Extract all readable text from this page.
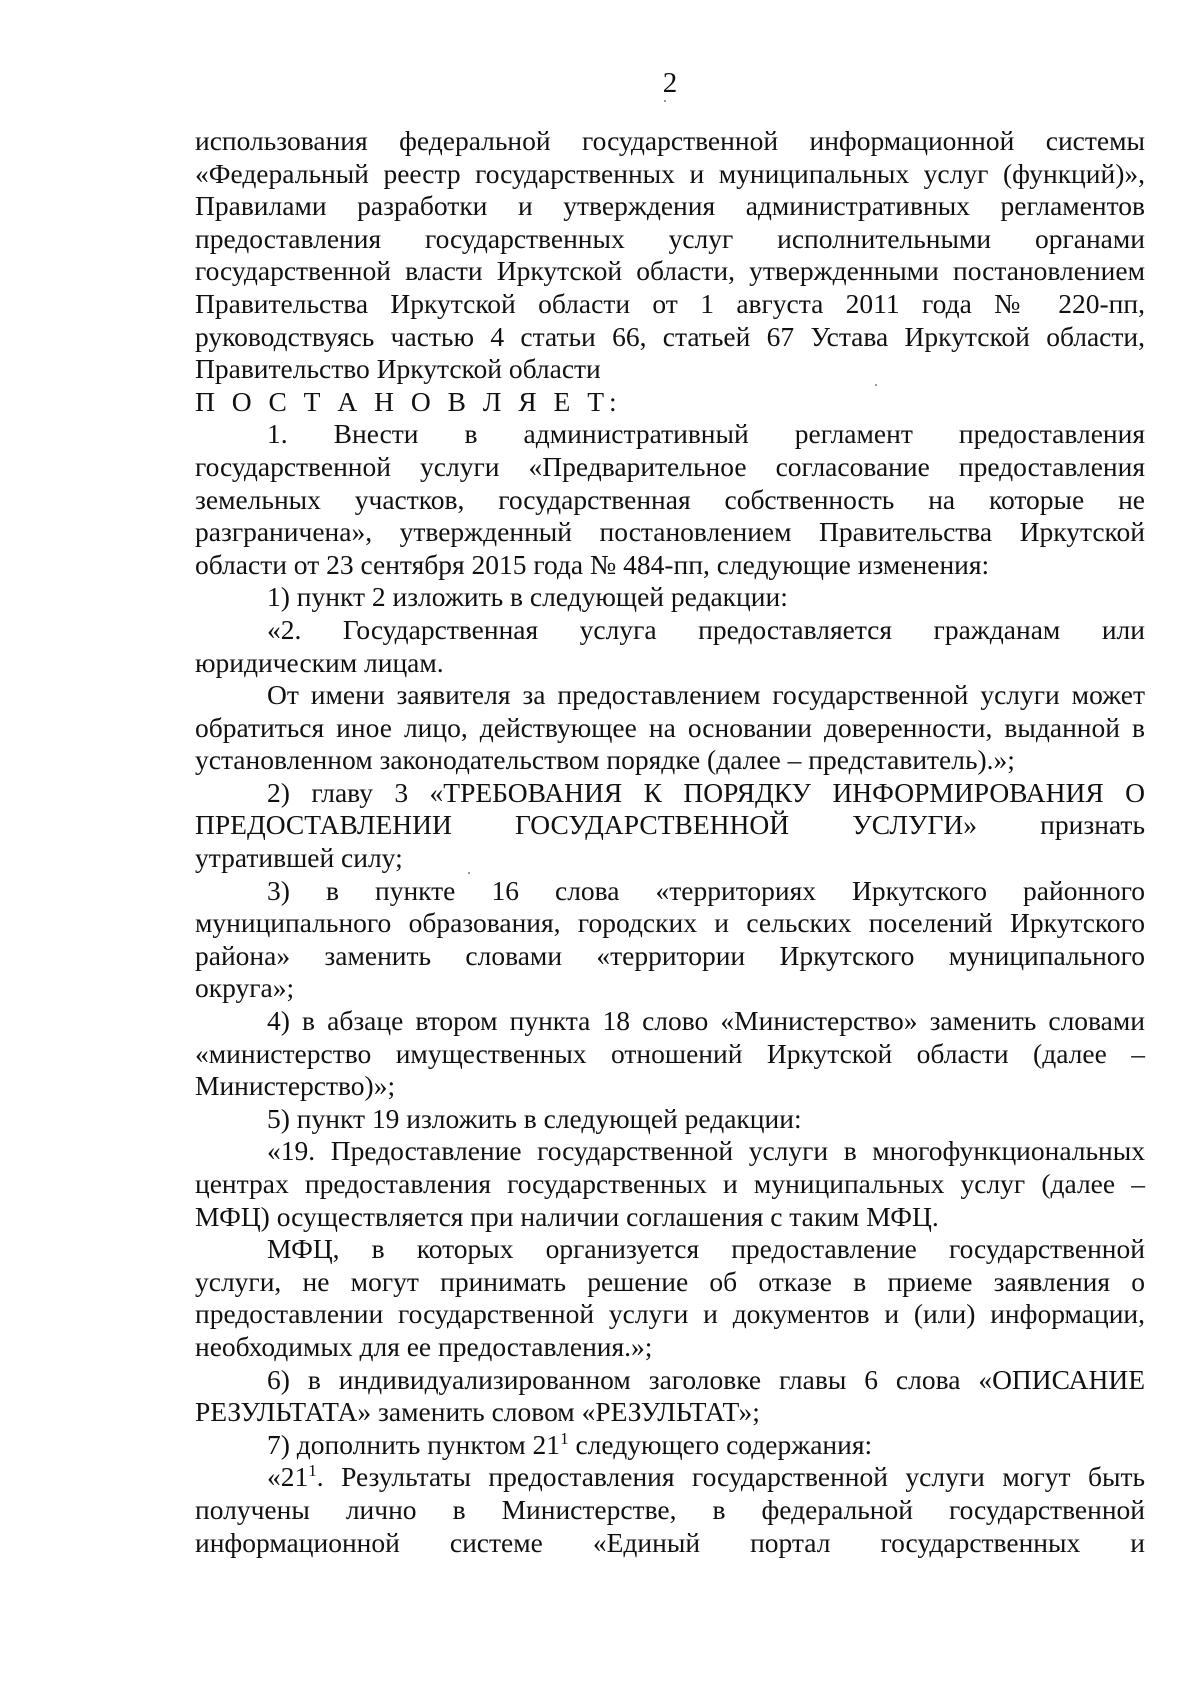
2

использования федеральной государственной информационной системы

«Федеральный реестр государственных и муниципальных услуг (функций)»,

Правилами разработки и утверждения административных регламентов

предоставления государственных услуг исполнительными органами

государственной власти Иркутской области, утвержденными постановлением

Правительства Иркутской области от 1 августа 2011 года № 220-пп,

руководствуясь частью 4 статьи 66, статьей 67 Устава Иркутской области,

Правительство Иркутской области

П О С Т А Н О В Л Я Е Т:

1. Внести в административный регламент предоставления

государственной услуги «Предварительное согласование предоставления

земельных участков, государственная собственность на которые не

разграничена», утвержденный постановлением Правительства Иркутской

области от 23 сентября 2015 года № 484-пп, следующие изменения:

1) пункт 2 изложить в следующей редакции:

«2. Государственная услуга предоставляется гражданам или

юридическим лицам.

От имени заявителя за предоставлением государственной услуги может

обратиться иное лицо, действующее на основании доверенности, выданной в

установленном законодательством порядке (далее – представитель).»;

2) главу 3 «ТРЕБОВАНИЯ К ПОРЯДКУ ИНФОРМИРОВАНИЯ О

ПРЕДОСТАВЛЕНИИ ГОСУДАРСТВЕННОЙ УСЛУГИ» признать

утратившей силу;

3) в пункте 16 слова «территориях Иркутского районного

муниципального образования, городских и сельских поселений Иркутского

района» заменить словами «территории Иркутского муниципального

округа»;

4) в абзаце втором пункта 18 слово «Министерство» заменить словами

«министерство имущественных отношений Иркутской области (далее –

Министерство)»;

5) пункт 19 изложить в следующей редакции:

«19. Предоставление государственной услуги в многофункциональных

центрах предоставления государственных и муниципальных услуг (далее –

МФЦ) осуществляется при наличии соглашения с таким МФЦ.

МФЦ, в которых организуется предоставление государственной

услуги, не могут принимать решение об отказе в приеме заявления о

предоставлении государственной услуги и документов и (или) информации,

необходимых для ее предоставления.»;

6) в индивидуализированном заголовке главы 6 слова «ОПИСАНИЕ

РЕЗУЛЬТАТА» заменить словом «РЕЗУЛЬТАТ»;

7) дополнить пунктом $21^1$ следующего содержания:

«$21^1$. Результаты предоставления государственной услуги могут быть

получены лично в Министерстве, в федеральной государственной

информационной системе «Единый портал государственных и
